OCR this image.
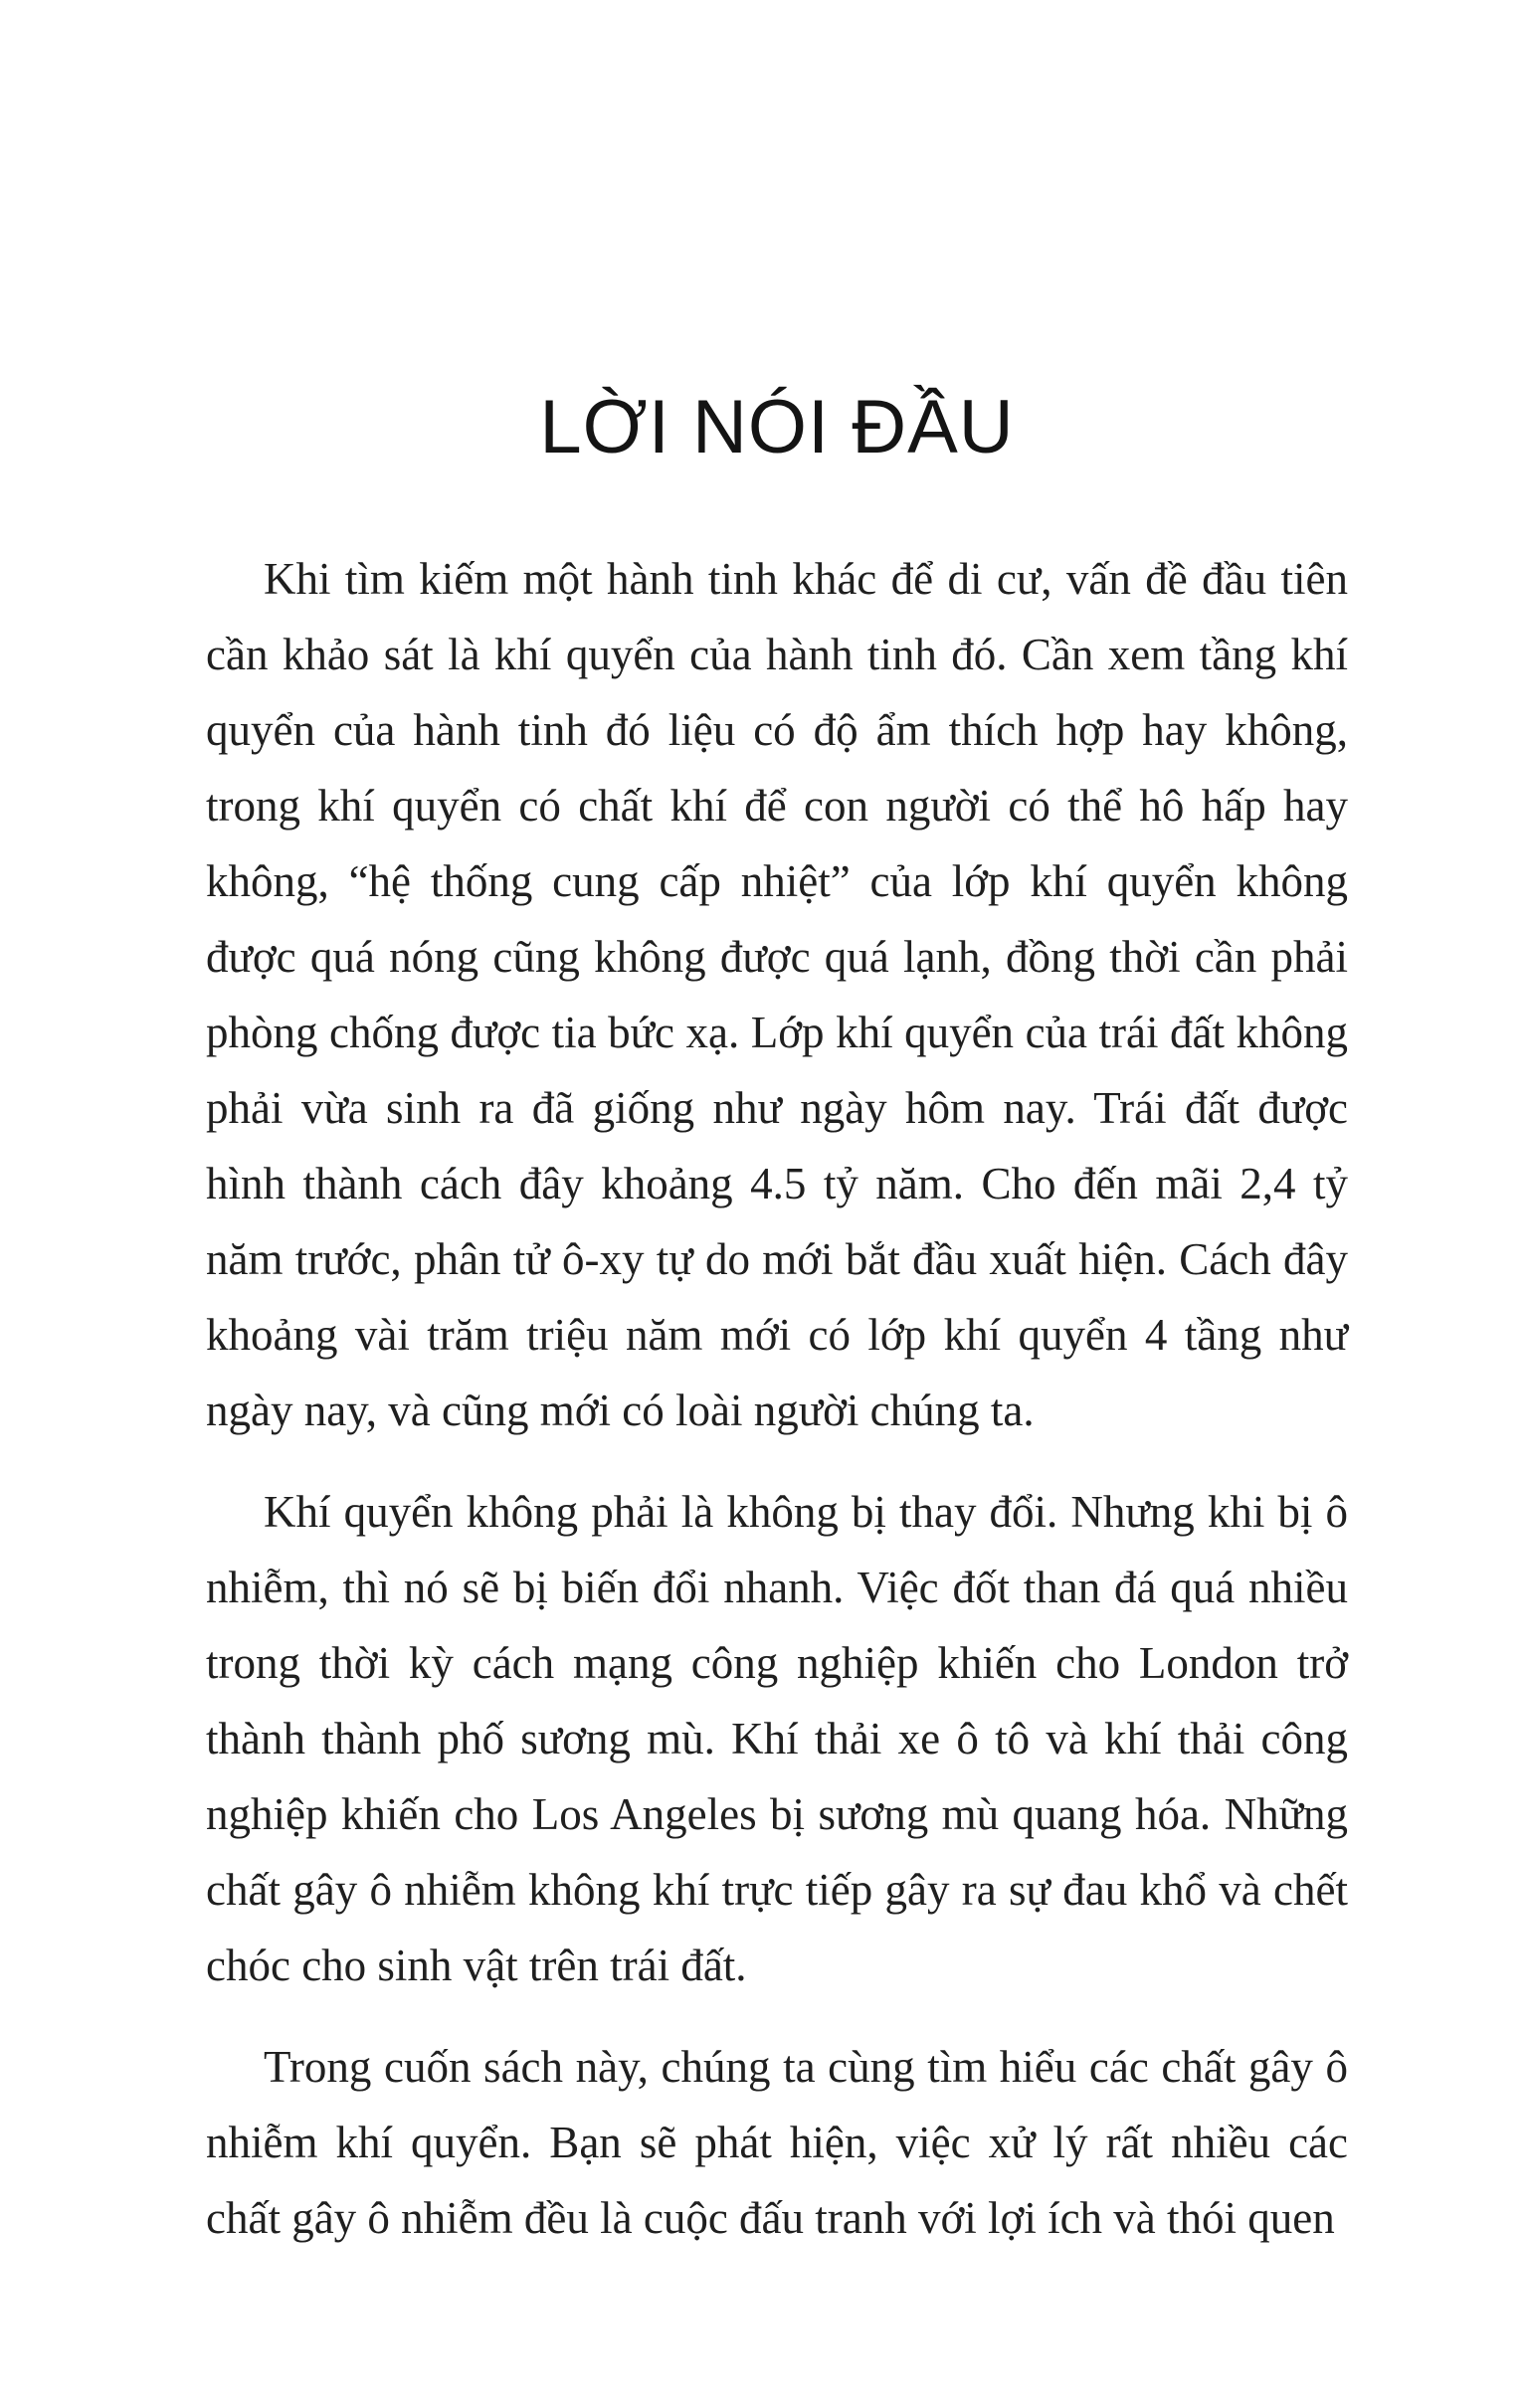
LỜI NÓI ĐẦU

Khi tìm kiếm một hành tinh khác để di cư, vấn đề đầu tiên cần khảo sát là khí quyển của hành tinh đó. Cần xem tầng khí quyển của hành tinh đó liệu có độ ẩm thích hợp hay không, trong khí quyển có chất khí để con người có thể hô hấp hay không, “hệ thống cung cấp nhiệt” của lớp khí quyển không được quá nóng cũng không được quá lạnh, đồng thời cần phải phòng chống được tia bức xạ. Lớp khí quyển của trái đất không phải vừa sinh ra đã giống như ngày hôm nay. Trái đất được hình thành cách đây khoảng 4.5 tỷ năm. Cho đến mãi 2,4 tỷ năm trước, phân tử ô-xy tự do mới bắt đầu xuất hiện. Cách đây khoảng vài trăm triệu năm mới có lớp khí quyển 4 tầng như ngày nay, và cũng mới có loài người chúng ta.

Khí quyển không phải là không bị thay đổi. Nhưng khi bị ô nhiễm, thì nó sẽ bị biến đổi nhanh. Việc đốt than đá quá nhiều trong thời kỳ cách mạng công nghiệp khiến cho London trở thành thành phố sương mù. Khí thải xe ô tô và khí thải công nghiệp khiến cho Los Angeles bị sương mù quang hóa. Những chất gây ô nhiễm không khí trực tiếp gây ra sự đau khổ và chết chóc cho sinh vật trên trái đất.

Trong cuốn sách này, chúng ta cùng tìm hiểu các chất gây ô nhiễm khí quyển. Bạn sẽ phát hiện, việc xử lý rất nhiều các chất gây ô nhiễm đều là cuộc đấu tranh với lợi ích và thói quen
